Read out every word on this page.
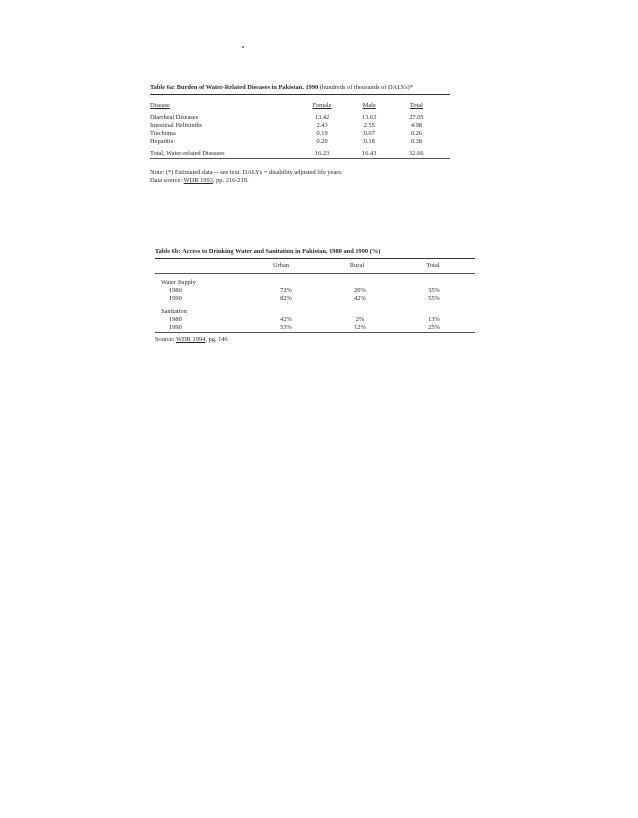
Table 6a: Burden of Water-Related Diseases in Pakistan, 1990 (hundreds of thousands of DALYs)*
Disease	Female	Male	Total

Diarrheal Diseases	13.42	13.63	27.05
Intestinal Helminths	2.43	2.55	4.98
Trachoma	0.19	0.07	0.26
Hepatitis	0.20	0.18	0.38

Total, Water-related Diseases	16.23	16.43	32.66
Note: (*) Estimated data -- see text. DALYs = disability adjusted life years.
Data source: WDR 1993, pp. 216-219.
Table 6b: Access to Drinking Water and Sanitation in Pakistan, 1980 and 1990 (%)
	Urban	Rural	Total

Water Supply			
1980	72%	20%	35%
1990	82%	42%	55%

Sanitation			
1980	42%	2%	13%
1990	53%	12%	25%
Source: WDR 1994, pg. 146
